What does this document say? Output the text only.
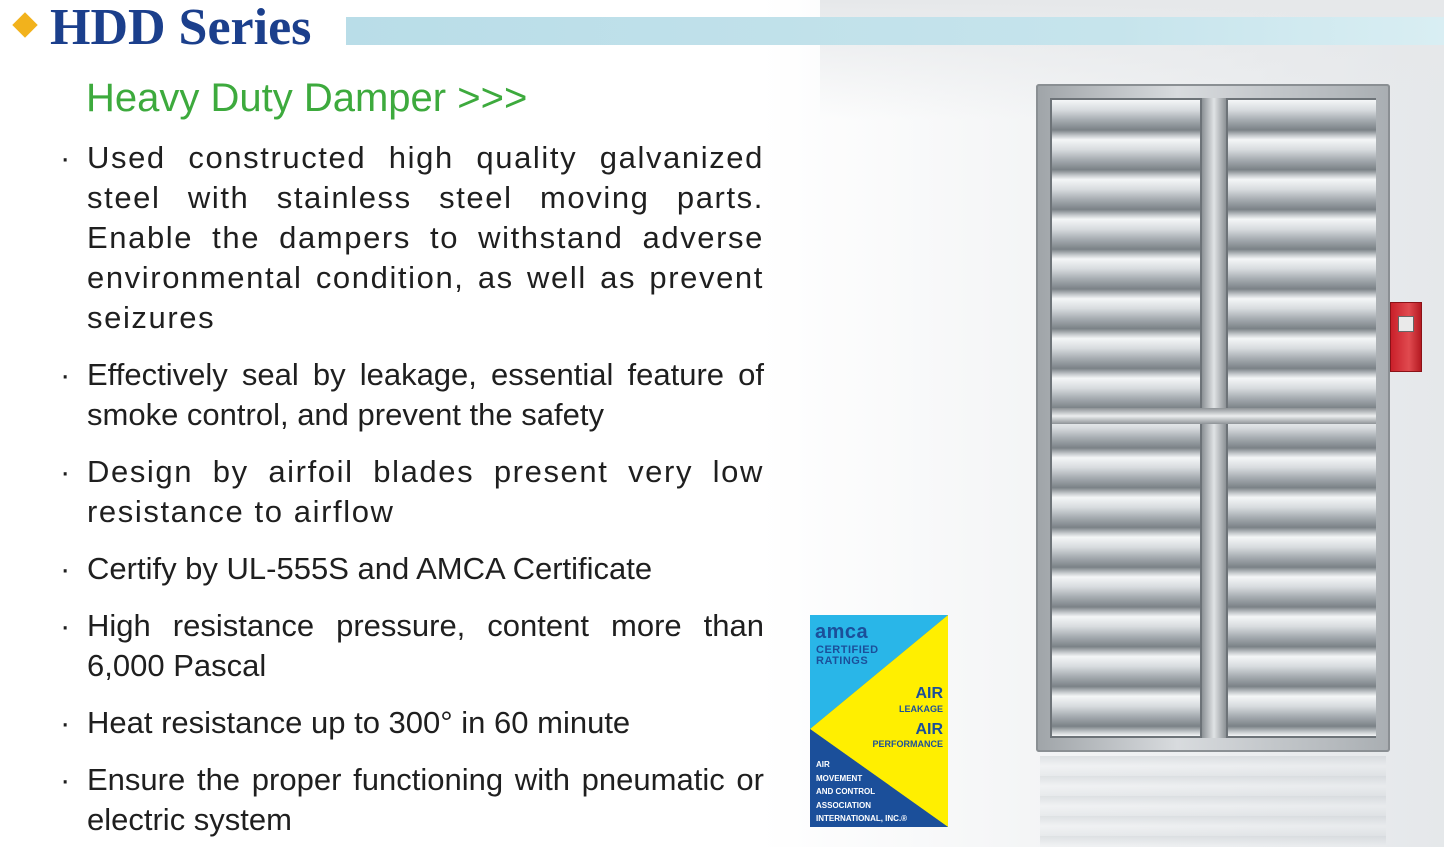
HDD Series
Heavy Duty Damper >>>
· Used constructed high quality galvanized steel with stainless steel moving parts. Enable the dampers to withstand adverse environmental condition, as well as prevent seizures
· Effectively seal by leakage, essential feature of smoke control, and prevent the safety
· Design by airfoil blades present very low resistance to airflow
· Certify by UL-555S and AMCA Certificate
· High resistance pressure, content more than 6,000 Pascal
· Heat resistance up to 300° in 60 minute
· Ensure the proper functioning with pneumatic or electric system

amca

CERTIFIED
RATINGS

AIR

LEAKAGE

AIR

PERFORMANCE

AIR
MOVEMENT
AND CONTROL
ASSOCIATION
INTERNATIONAL, INC.®
